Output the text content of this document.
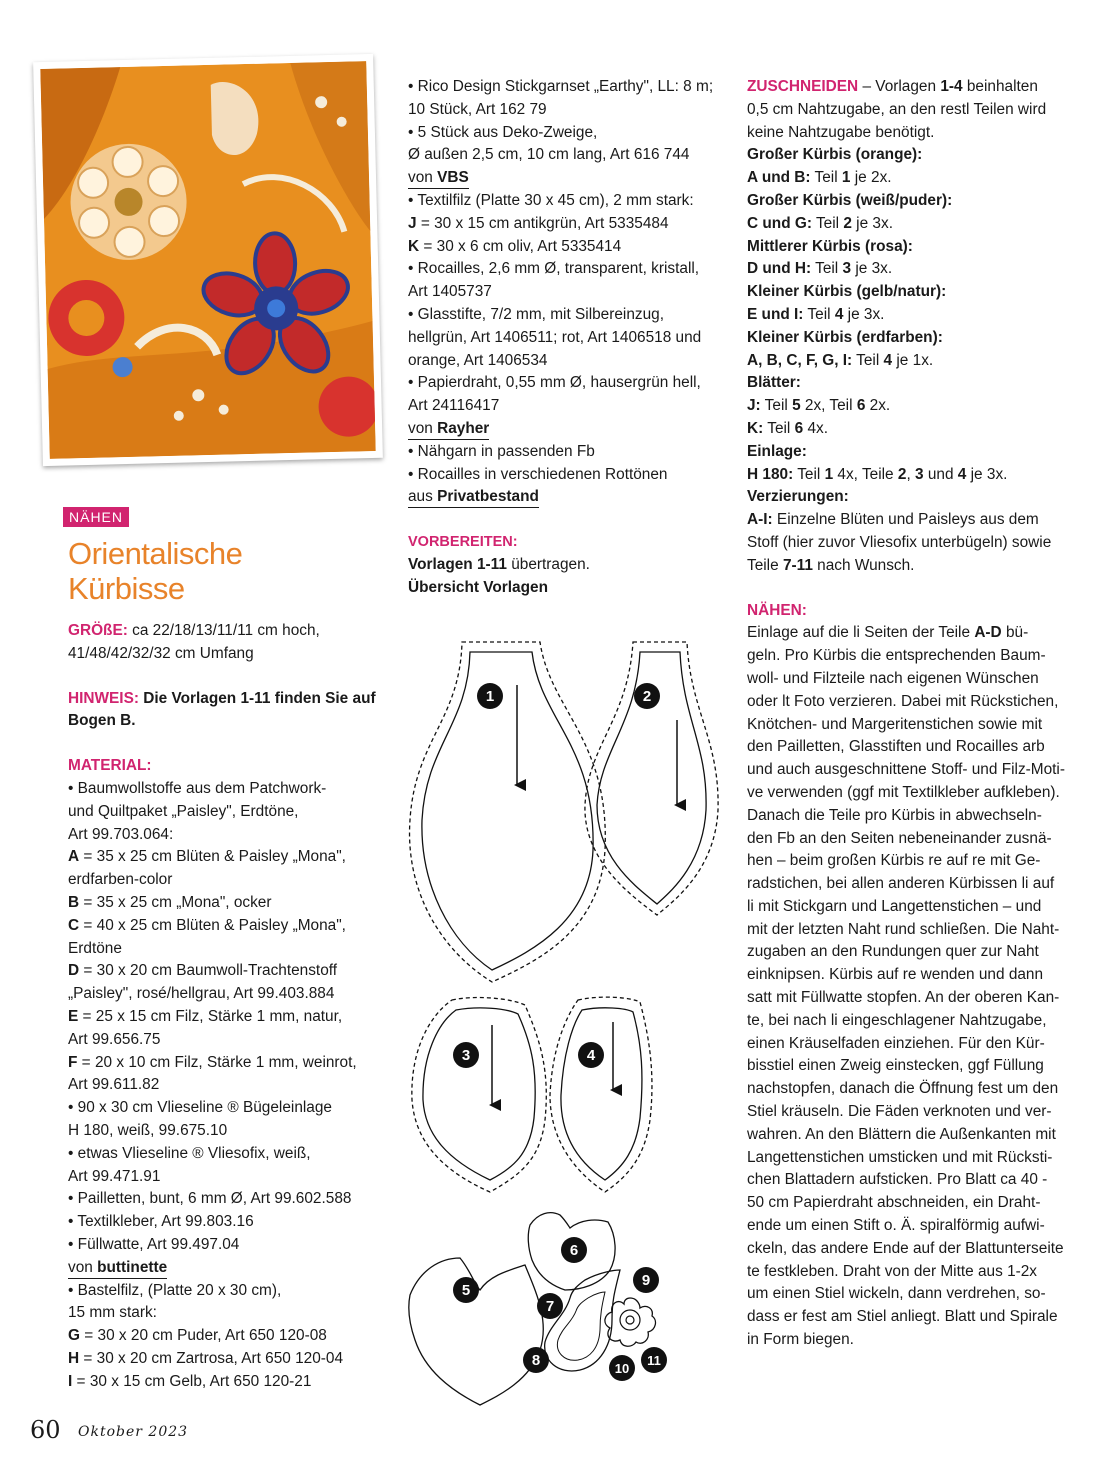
NÄHEN
Orientalische
Kürbisse

GRÖßE: ca 22/18/13/11/11 cm hoch,

41/48/42/32/32 cm Umfang

HINWEIS: Die Vorlagen 1-11 finden Sie auf

Bogen B.

MATERIAL:

• Baumwollstoffe aus dem Patchwork-

und Quiltpaket „Paisley", Erdtöne,

Art 99.703.064:

A = 35 x 25 cm Blüten & Paisley „Mona",

erdfarben-color

B = 35 x 25 cm „Mona", ocker

C = 40 x 25 cm Blüten & Paisley „Mona",

Erdtöne

D = 30 x 20 cm Baumwoll-Trachtenstoff

„Paisley", rosé/hellgrau, Art 99.403.884

E = 25 x 15 cm Filz, Stärke 1 mm, natur,

Art 99.656.75

F = 20 x 10 cm Filz, Stärke 1 mm, weinrot,

Art 99.611.82

• 90 x 30 cm Vlieseline ® Bügeleinlage

H 180, weiß, 99.675.10

• etwas Vlieseline ® Vliesofix, weiß,

Art 99.471.91

• Pailletten, bunt, 6 mm Ø, Art 99.602.588

• Textilkleber, Art 99.803.16

• Füllwatte, Art 99.497.04

von buttinette

• Bastelfilz, (Platte 20 x 30 cm),

15 mm stark:

G = 30 x 20 cm Puder, Art 650 120-08

H = 30 x 20 cm Zartrosa, Art 650 120-04

I = 30 x 15 cm Gelb, Art 650 120-21

• Rico Design Stickgarnset „Earthy", LL: 8 m;

10 Stück, Art 162 79

• 5 Stück aus Deko-Zweige,

Ø außen 2,5 cm, 10 cm lang, Art 616 744

von VBS

• Textilfilz (Platte 30 x 45 cm), 2 mm stark:

J = 30 x 15 cm antikgrün, Art 5335484

K = 30 x 6 cm oliv, Art 5335414

• Rocailles, 2,6 mm Ø, transparent, kristall,

Art 1405737

• Glasstifte, 7/2 mm, mit Silbereinzug,

hellgrün, Art 1406511; rot, Art 1406518 und

orange, Art 1406534

• Papierdraht, 0,55 mm Ø, hausergrün hell,

Art 24116417

von Rayher

• Nähgarn in passenden Fb

• Rocailles in verschiedenen Rottönen

aus Privatbestand

VORBEREITEN:

Vorlagen 1-11 übertragen.

Übersicht Vorlagen

1	2
3	4
5
6
7
8
9
10
11

ZUSCHNEIDEN – Vorlagen 1-4 beinhalten

0,5 cm Nahtzugabe, an den restl Teilen wird

keine Nahtzugabe benötigt.

Großer Kürbis (orange):

A und B: Teil 1 je 2x.

Großer Kürbis (weiß/puder):

C und G: Teil 2 je 3x.

Mittlerer Kürbis (rosa):

D und H: Teil 3 je 3x.

Kleiner Kürbis (gelb/natur):

E und I: Teil 4 je 3x.

Kleiner Kürbis (erdfarben):

A, B, C, F, G, I: Teil 4 je 1x.

Blätter:

J: Teil 5 2x, Teil 6 2x.

K: Teil 6 4x.

Einlage:

H 180: Teil 1 4x, Teile 2, 3 und 4 je 3x.

Verzierungen:

A-I: Einzelne Blüten und Paisleys aus dem

Stoff (hier zuvor Vliesofix unterbügeln) sowie

Teile 7-11 nach Wunsch.

NÄHEN:

Einlage auf die li Seiten der Teile A-D bü-

geln. Pro Kürbis die entsprechenden Baum-

woll- und Filzteile nach eigenen Wünschen

oder lt Foto verzieren. Dabei mit Rückstichen,

Knötchen- und Margeritenstichen sowie mit

den Pailletten, Glasstiften und Rocailles arb

und auch ausgeschnittene Stoff- und Filz-Moti-

ve verwenden (ggf mit Textilkleber aufkleben).

Danach die Teile pro Kürbis in abwechseln-

den Fb an den Seiten nebeneinander zusnä-

hen – beim großen Kürbis re auf re mit Ge-

radstichen, bei allen anderen Kürbissen li auf

li mit Stickgarn und Langettenstichen – und

mit der letzten Naht rund schließen. Die Naht-

zugaben an den Rundungen quer zur Naht

einknipsen. Kürbis auf re wenden und dann

satt mit Füllwatte stopfen. An der oberen Kan-

te, bei nach li eingeschlagener Nahtzugabe,

einen Kräuselfaden einziehen. Für den Kür-

bisstiel einen Zweig einstecken, ggf Füllung

nachstopfen, danach die Öffnung fest um den

Stiel kräuseln. Die Fäden verknoten und ver-

wahren. An den Blättern die Außenkanten mit

Langettenstichen umsticken und mit Rücksti-

chen Blattadern aufsticken. Pro Blatt ca 40 -

50 cm Papierdraht abschneiden, ein Draht-

ende um einen Stift o. Ä. spiralförmig aufwi-

ckeln, das andere Ende auf der Blattunterseite

te festkleben. Draht von der Mitte aus 1-2x

um einen Stiel wickeln, dann verdrehen, so-

dass er fest am Stiel anliegt. Blatt und Spirale

in Form biegen.

60 Oktober 2023
